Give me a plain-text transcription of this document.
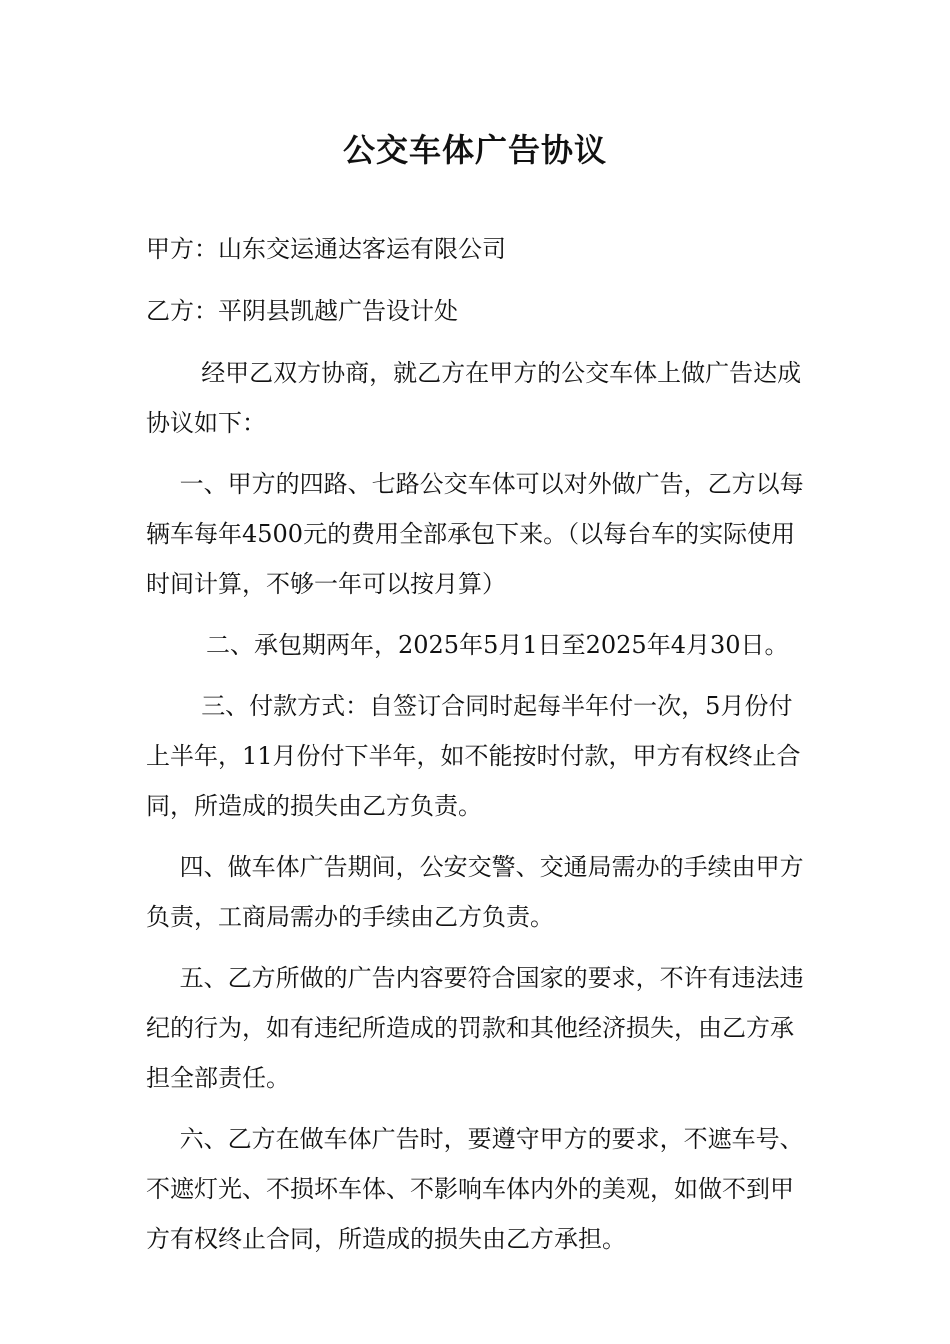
公交车体广告协议

甲方：山东交运通达客运有限公司

乙方：平阴县凯越广告设计处

经甲乙双方协商，就乙方在甲方的公交车体上做广告达成协议如下：

一、甲方的四路、七路公交车体可以对外做广告，乙方以每辆车每年4500元的费用全部承包下来。（以每台车的实际使用时间计算，不够一年可以按月算）

二、承包期两年，2025年5月1日至2025年4月30日。

三、付款方式：自签订合同时起每半年付一次，5月份付上半年，11月份付下半年，如不能按时付款，甲方有权终止合同，所造成的损失由乙方负责。

四、做车体广告期间，公安交警、交通局需办的手续由甲方负责，工商局需办的手续由乙方负责。

五、乙方所做的广告内容要符合国家的要求，不许有违法违纪的行为，如有违纪所造成的罚款和其他经济损失，由乙方承担全部责任。

六、乙方在做车体广告时，要遵守甲方的要求，不遮车号、不遮灯光、不损坏车体、不影响车体内外的美观，如做不到甲方有权终止合同，所造成的损失由乙方承担。
